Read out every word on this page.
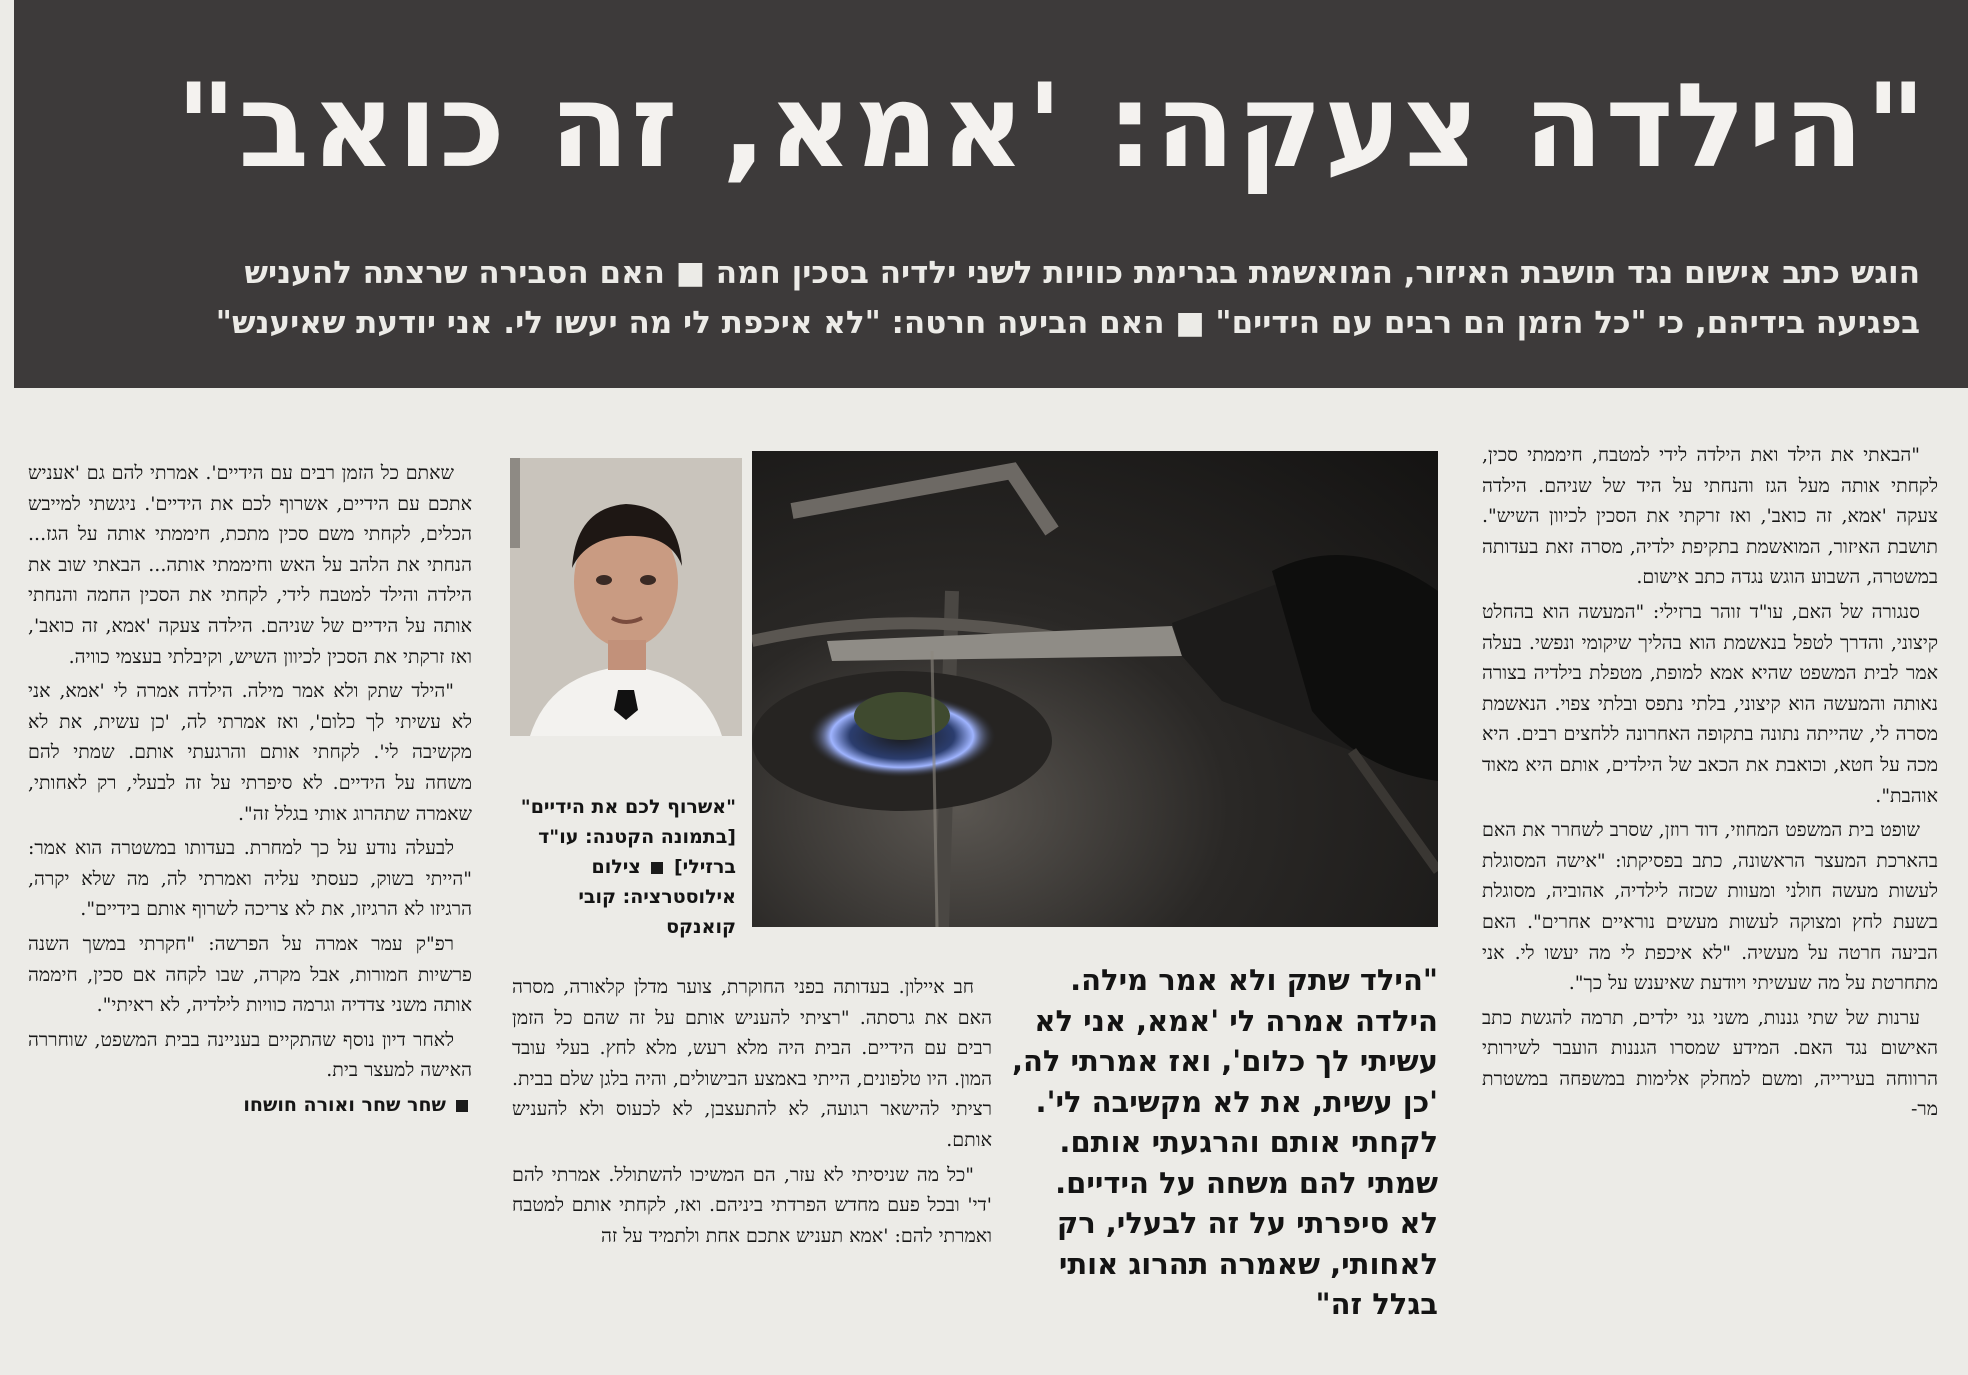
"הילדה צעקה: 'אמא, זה כואב"

הוגש כתב אישום נגד תושבת האיזור, המואשמת בגרימת כוויות לשני ילדיה בסכין חמה ■ האם הסבירה שרצתה להעניש

בפגיעה בידיהם, כי "כל הזמן הם רבים עם הידיים" ■ האם הביעה חרטה: "לא איכפת לי מה יעשו לי. אני יודעת שאיענש"

"הבאתי את הילד ואת הילדה לידי למטבח, חיממתי סכין, לקחתי אותה מעל הגז והנחתי על היד של שניהם. הילדה צעקה 'אמא, זה כואב', ואז זרקתי את הסכין לכיוון השיש". תושבת האיזור, המואשמת בתקיפת ילדיה, מסרה זאת בעדותה במשטרה, השבוע הוגש נגדה כתב אישום.

סנגורה של האם, עו"ד זוהר ברזילי: "המעשה הוא בהחלט קיצוני, והדרך לטפל בנאשמת הוא בהליך שיקומי ונפשי. בעלה אמר לבית המשפט שהיא אמא למופת, מטפלת בילדיה בצורה נאותה והמעשה הוא קיצוני, בלתי נתפס ובלתי צפוי. הנאשמת מסרה לי, שהייתה נתונה בתקופה האחרונה ללחצים רבים. היא מכה על חטא, וכואבת את הכאב של הילדים, אותם היא מאוד אוהבת".

שופט בית המשפט המחוזי, דוד רוזן, שסרב לשחרר את האם בהארכת המעצר הראשונה, כתב בפסיקתו: "אישה המסוגלת לעשות מעשה חולני ומעוות שכזה לילדיה, אהוביה, מסוגלת בשעת לחץ ומצוקה לעשות מעשים נוראיים אחרים". האם הביעה חרטה על מעשיה. "לא איכפת לי מה יעשו לי. אני מתחרטת על מה שעשיתי ויודעת שאיענש על כך".

ערנות של שתי גננות, משני גני ילדים, תרמה להגשת כתב האישום נגד האם. המידע שמסרו הגננות הועבר לשירותי הרווחה בעירייה, ומשם למחלק אלימות במשפחה במשטרת מר-

"אשרוף לכם את הידיים" [בתמונה הקטנה: עו"ד ברזילי]  צילום אילוסטרציה: קובי קואנקס
"הילד שתק ולא אמר מילה. הילדה אמרה לי 'אמא, אני לא עשיתי לך כלום', ואז אמרתי לה, 'כן עשית, את לא מקשיבה לי'. לקחתי אותם והרגעתי אותם. שמתי להם משחה על הידיים. לא סיפרתי על זה לבעלי, רק לאחותי, שאמרה תהרוג אותי בגלל זה"

חב איילון. בעדותה בפני החוקרת, צוער מדלן קלאורה, מסרה האם את גרסתה. "רציתי להעניש אותם על זה שהם כל הזמן רבים עם הידיים. הבית היה מלא רעש, מלא לחץ. בעלי עובד המון. היו טלפונים, הייתי באמצע הבישולים, והיה בלגן שלם בבית. רציתי להישאר רגועה, לא להתעצבן, לא לכעוס ולא להעניש אותם.

"כל מה שניסיתי לא עזר, הם המשיכו להשתולל. אמרתי להם 'די' ובכל פעם מחדש הפרדתי ביניהם. ואז, לקחתי אותם למטבח ואמרתי להם: 'אמא תעניש אתכם אחת ולתמיד על זה

שאתם כל הזמן רבים עם הידיים'. אמרתי להם גם 'אעניש אתכם עם הידיים, אשרוף לכם את הידיים'. ניגשתי למייבש הכלים, לקחתי משם סכין מתכת, חיממתי אותה על הגז... הנחתי את הלהב על האש וחיממתי אותה... הבאתי שוב את הילדה והילד למטבח לידי, לקחתי את הסכין החמה והנחתי אותה על הידיים של שניהם. הילדה צעקה 'אמא, זה כואב', ואז זרקתי את הסכין לכיוון השיש, וקיבלתי בעצמי כוויה.

"הילד שתק ולא אמר מילה. הילדה אמרה לי 'אמא, אני לא עשיתי לך כלום', ואז אמרתי לה, 'כן עשית, את לא מקשיבה לי'. לקחתי אותם והרגעתי אותם. שמתי להם משחה על הידיים. לא סיפרתי על זה לבעלי, רק לאחותי, שאמרה שתהרוג אותי בגלל זה".

לבעלה נודע על כך למחרת. בעדותו במשטרה הוא אמר: "הייתי בשוק, כעסתי עליה ואמרתי לה, מה שלא יקרה, הרגיזו לא הרגיזו, את לא צריכה לשרוף אותם בידיים".

רפ"ק עמר אמרה על הפרשה: "חקרתי במשך השנה פרשיות חמורות, אבל מקרה, שבו לקחה אם סכין, חיממה אותה משני צדדיה וגרמה כוויות לילדיה, לא ראיתי".

לאחר דיון נוסף שהתקיים בעניינה בבית המשפט, שוחררה האישה למעצר בית.

שחר שחר ואורה חושחו
